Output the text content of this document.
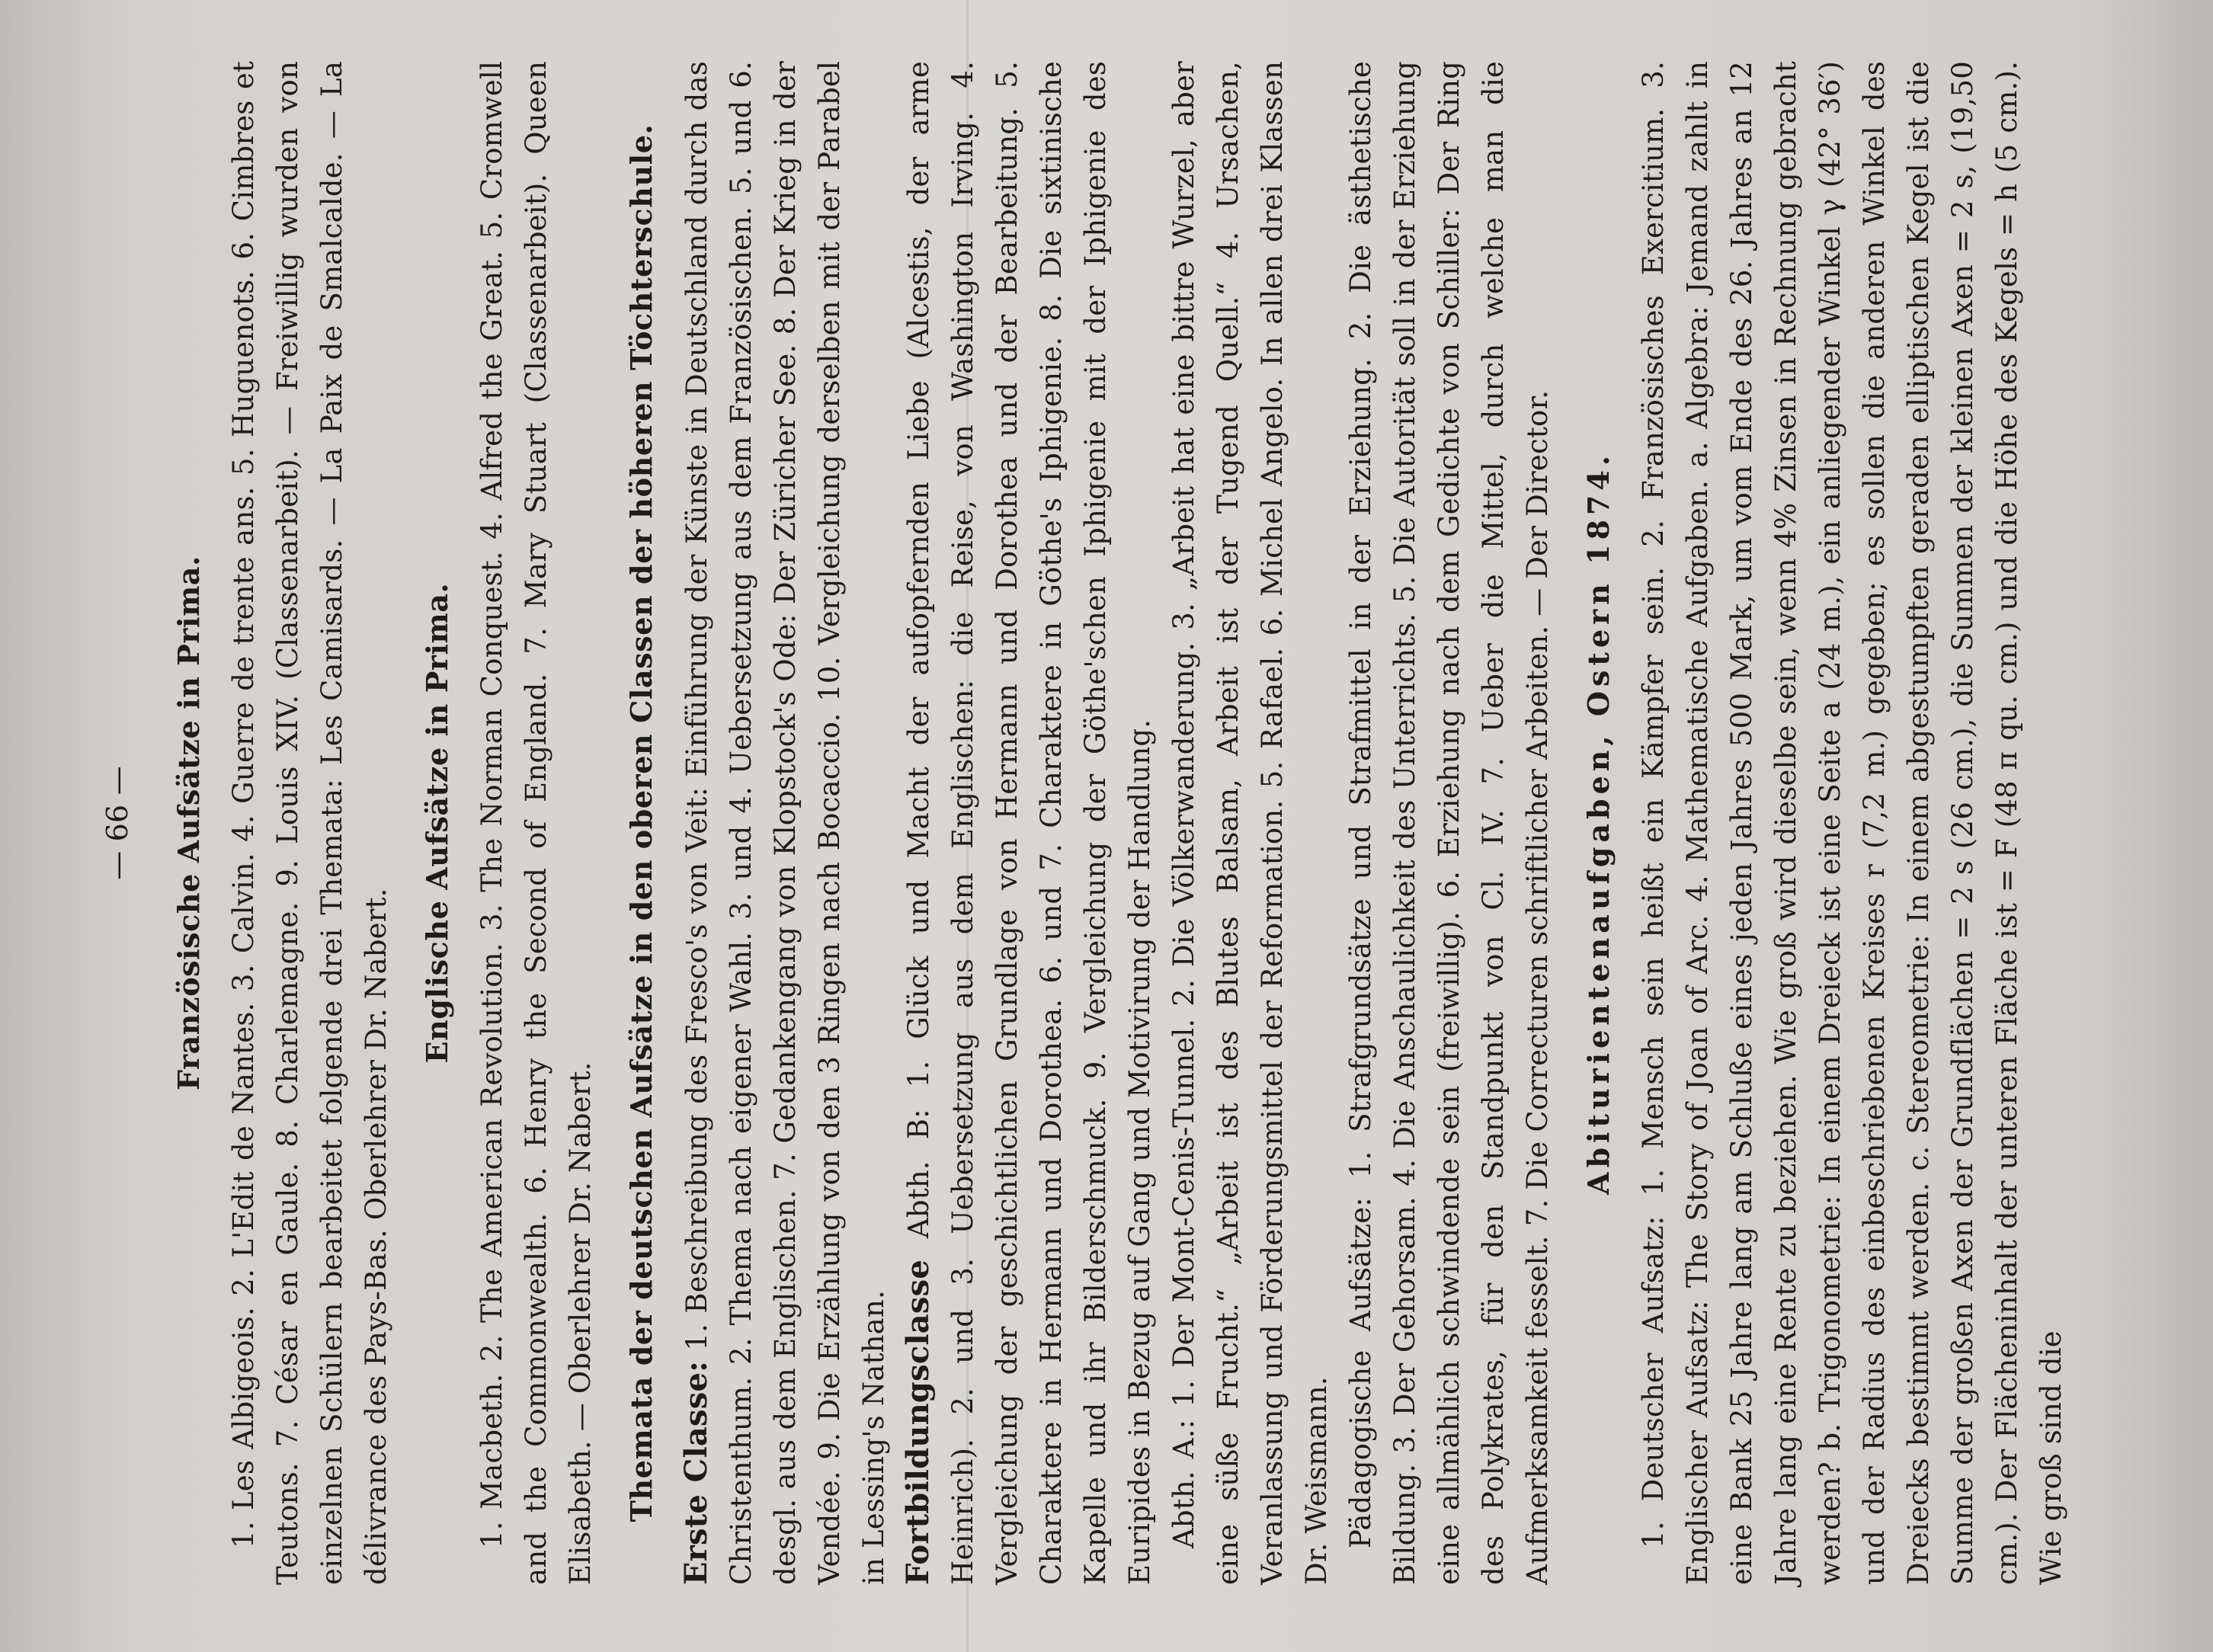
— 66 — Französische Aufsätze in Prima. 1. Les Albigeois. 2. L'Edit de Nantes. 3. Calvin. 4. Guerre de trente ans. 5. Huguenots. 6. Cimbres et Teutons. 7. César en Gaule. 8. Charlemagne. 9. Louis XIV. (Classenarbeit). — Freiwillig wurden von einzelnen Schülern bearbeitet folgende drei Themata: Les Camisards. — La Paix de Smalcalde. — La délivrance des Pays-Bas. Oberlehrer Dr. Nabert.

Englische Aufsätze in Prima. 1. Macbeth. 2. The American Revolution. 3. The Norman Conquest. 4. Alfred the Great. 5. Cromwell and the Commonwealth. 6. Henry the Second of England. 7. Mary Stuart (Classenarbeit). Queen Elisabeth. — Oberlehrer Dr. Nabert. Themata der deutschen Aufsätze in den oberen Classen der höheren Töchterschule. Erste Classe: 1. Beschreibung des Fresco's von Veit: Einführung der Künste in Deutschland durch das Christenthum. 2. Thema nach eigener Wahl. 3. und 4. Uebersetzung aus dem Französischen. 5. und 6. desgl. aus dem Englischen. 7. Gedankengang von Klopstock's Ode: Der Züricher See. 8. Der Krieg in der Vendée. 9. Die Erzählung von den 3 Ringen nach Bocaccio. 10. Vergleichung derselben mit der Parabel in Lessing's Nathan. Fortbildungsclasse Abth. B: 1. Glück und Macht der aufopfernden Liebe (Alcestis, der arme Heinrich). 2. und 3. Uebersetzung aus dem Englischen: die Reise, von Washington Irving. 4. Vergleichung der geschichtlichen Grundlage von Hermann und Dorothea und der Bearbeitung. 5. Charaktere in Hermann und Dorothea. 6. und 7. Charaktere in Göthe's Iphigenie. 8. Die sixtinische Kapelle und ihr Bilderschmuck. 9. Vergleichung der Göthe'schen Iphigenie mit der Iphigenie des Euripides in Bezug auf Gang und Motivirung der Handlung. Abth. A.: 1. Der Mont-Cenis-Tunnel. 2. Die Völkerwanderung. 3. „Arbeit hat eine bittre Wurzel, aber eine süße Frucht.“ „Arbeit ist des Blutes Balsam, Arbeit ist der Tugend Quell.“ 4. Ursachen, Veranlassung und Förderungsmittel der Reformation. 5. Rafael. 6. Michel Angelo. In allen drei Klassen Dr. Weismann. Pädagogische Aufsätze: 1. Strafgrundsätze und Strafmittel in der Erziehung. 2. Die ästhetische Bildung. 3. Der Gehorsam. 4. Die Anschaulichkeit des Unterrichts. 5. Die Autorität soll in der Erziehung eine allmählich schwindende sein (freiwillig). 6. Erziehung nach dem Gedichte von Schiller: Der Ring des Polykrates, für den Standpunkt von Cl. IV. 7. Ueber die Mittel, durch welche man die Aufmerksamkeit fesselt. 7. Die Correcturen schriftlicher Arbeiten. — Der Director. Abiturientenaufgaben, Ostern 1874. 1. Deutscher Aufsatz: 1. Mensch sein heißt ein Kämpfer sein. 2. Französisches Exercitium. 3. Englischer Aufsatz: The Story of Joan of Arc. 4. Mathematische Aufgaben. a. Algebra: Jemand zahlt in eine Bank 25 Jahre lang am Schluße eines jeden Jahres 500 Mark, um vom Ende des 26. Jahres an 12 Jahre lang eine Rente zu beziehen. Wie groß wird dieselbe sein, wenn 4% Zinsen in Rechnung gebracht werden? b. Trigonometrie: In einem Dreieck ist eine Seite a (24 m.), ein anliegender Winkel γ (42° 36′) und der Radius des einbeschriebenen Kreises r (7,2 m.) gegeben; es sollen die anderen Winkel des Dreiecks bestimmt werden. c. Stereometrie: In einem abgestumpften geraden elliptischen Kegel ist die Summe der großen Axen der Grundflächen = 2 s (26 cm.), die Summen der kleinen Axen = 2 s, (19,50 cm.). Der Flächeninhalt der unteren Fläche ist = F (48 π qu. cm.) und die Höhe des Kegels = h (5 cm.). Wie groß sind die
